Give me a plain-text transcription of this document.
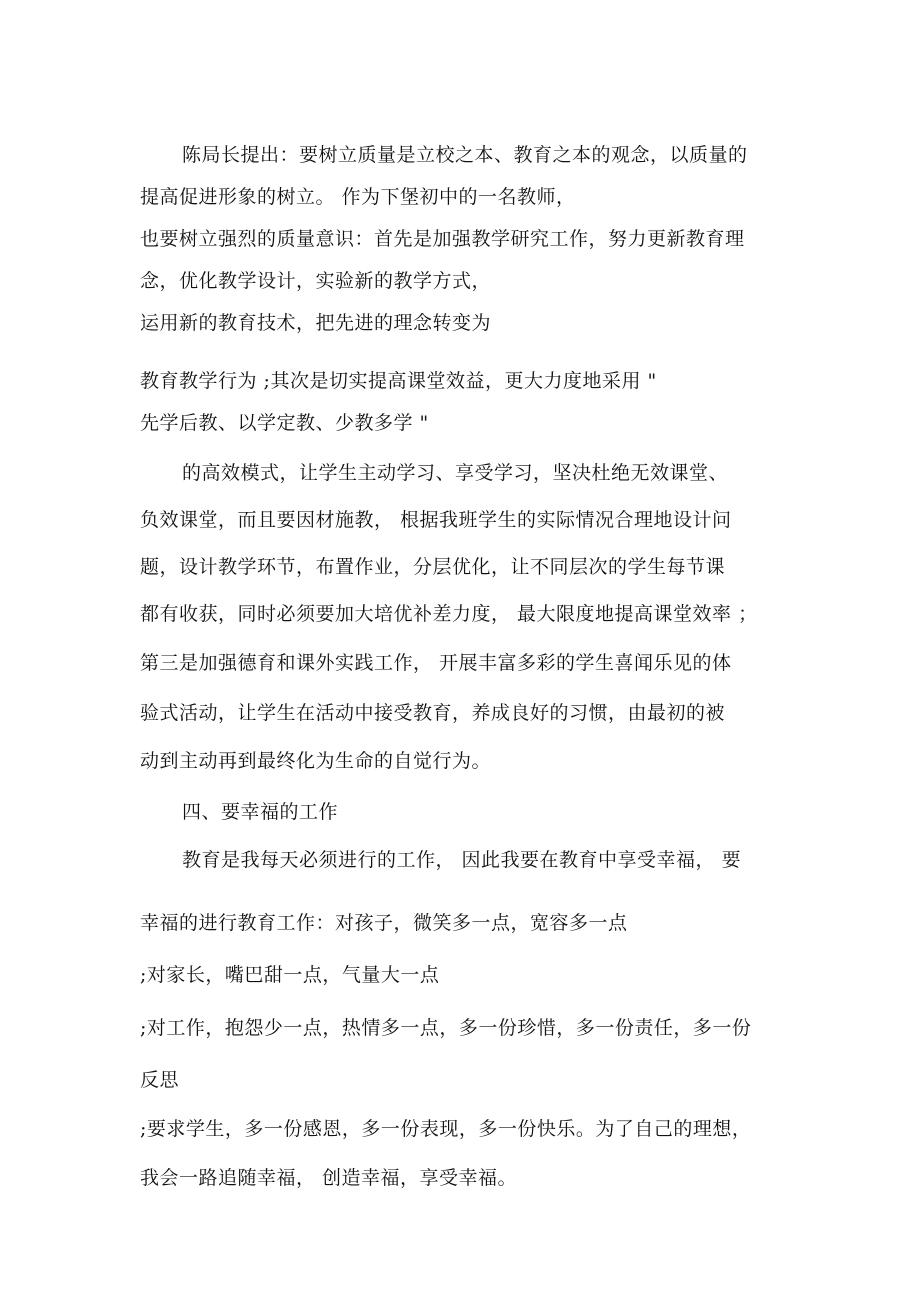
陈局长提出：要树立质量是立校之本、教育之本的观念，以质量的
提高促进形象的树立。 作为下堡初中的一名教师，
也要树立强烈的质量意识：首先是加强教学研究工作，努力更新教育理
念，优化教学设计，实验新的教学方式，
运用新的教育技术，把先进的理念转变为
教育教学行为 ;其次是切实提高课堂效益，更大力度地采用 "
先学后教、以学定教、少教多学 "
的高效模式，让学生主动学习、享受学习，坚决杜绝无效课堂、
负效课堂，而且要因材施教， 根据我班学生的实际情况合理地设计问
题，设计教学环节，布置作业，分层优化，让不同层次的学生每节课
都有收获，同时必须要加大培优补差力度， 最大限度地提高课堂效率 ；
第三是加强德育和课外实践工作， 开展丰富多彩的学生喜闻乐见的体
验式活动，让学生在活动中接受教育，养成良好的习惯，由最初的被
动到主动再到最终化为生命的自觉行为。
四、要幸福的工作
教育是我每天必须进行的工作， 因此我要在教育中享受幸福， 要
幸福的进行教育工作：对孩子，微笑多一点，宽容多一点
;对家长，嘴巴甜一点，气量大一点
;对工作，抱怨少一点，热情多一点，多一份珍惜，多一份责任，多一份
反思
;要求学生，多一份感恩，多一份表现，多一份快乐。为了自己的理想，
我会一路追随幸福， 创造幸福，享受幸福。
